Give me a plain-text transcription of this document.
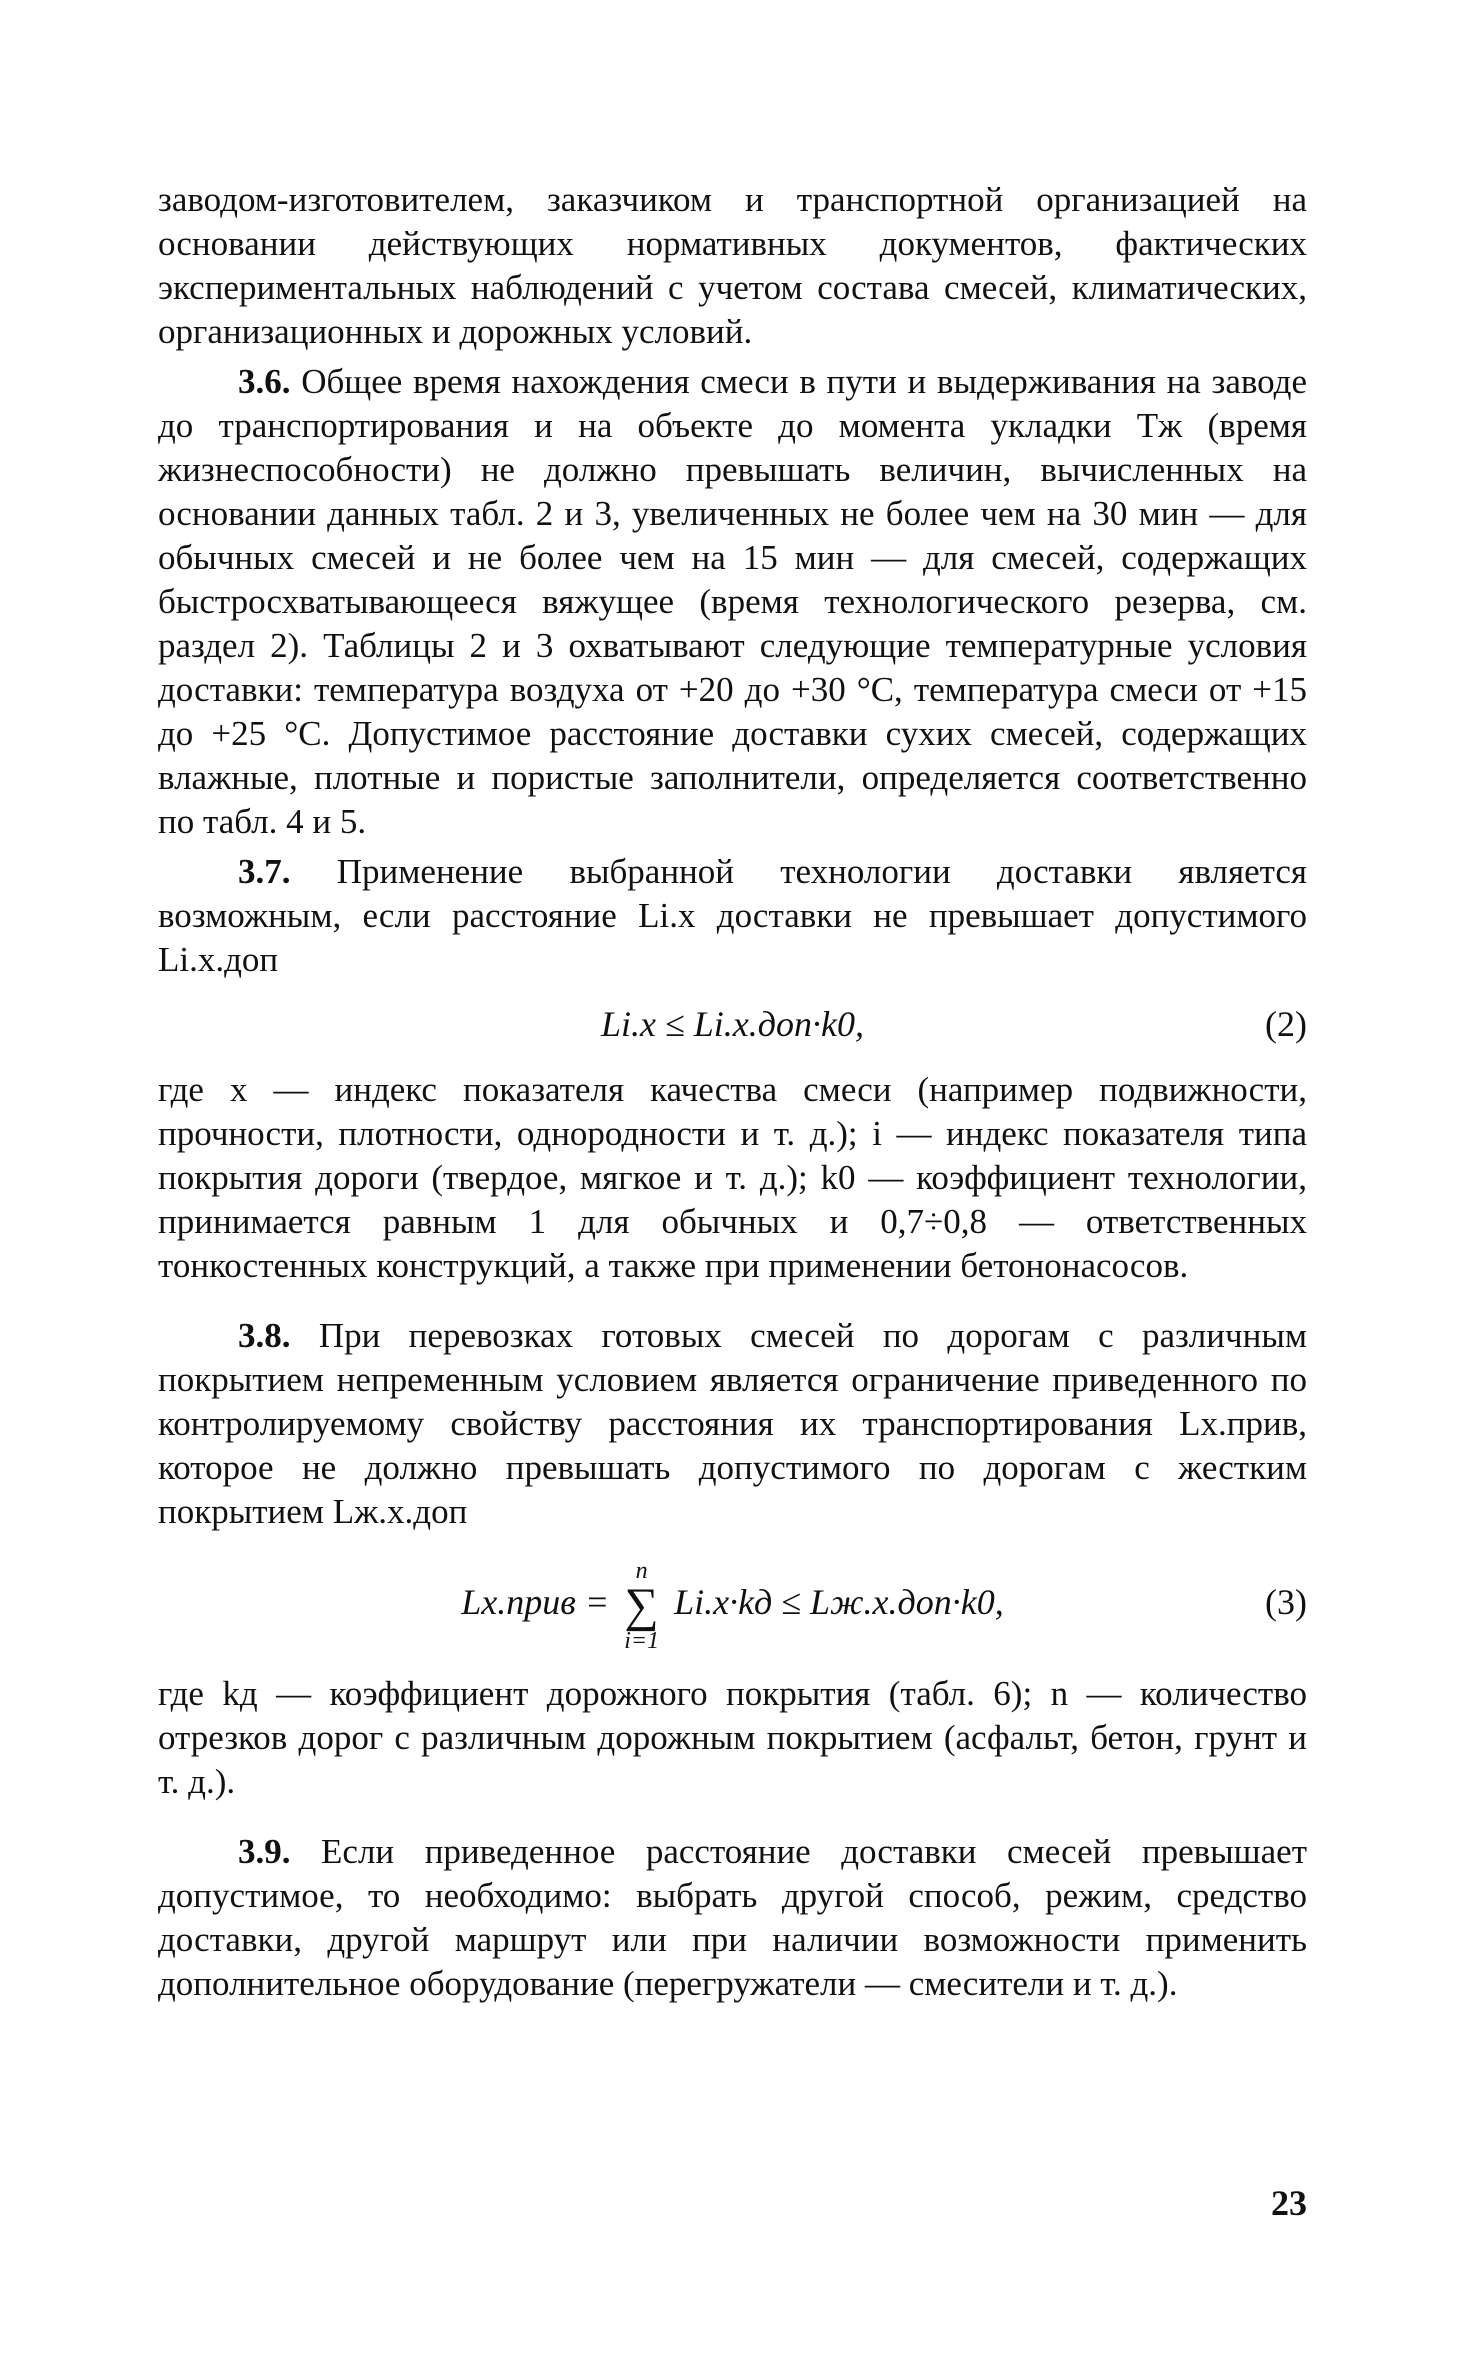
заводом-изготовителем, заказчиком и транспортной организацией на основании действующих нормативных документов, фактических экспериментальных наблюдений с учетом состава смесей, климатических, организационных и дорожных условий.

3.6. Общее время нахождения смеси в пути и выдерживания на заводе до транспортирования и на объекте до момента укладки Тж (время жизнеспособности) не должно превышать величин, вычисленных на основании данных табл. 2 и 3, увеличенных не более чем на 30 мин — для обычных смесей и не более чем на 15 мин — для смесей, содержащих быстросхватывающееся вяжущее (время технологического резерва, см. раздел 2). Таблицы 2 и 3 охватывают следующие температурные условия доставки: температура воздуха от +20 до +30 °С, температура смеси от +15 до +25 °С. Допустимое расстояние доставки сухих смесей, содержащих влажные, плотные и пористые заполнители, определяется соответственно по табл. 4 и 5.

3.7. Применение выбранной технологии доставки является возможным, если расстояние Li.x доставки не превышает допустимого Li.x.доп

Li.x ≤ Li.x.доп·k0,	(2)

где x — индекс показателя качества смеси (например подвижности, прочности, плотности, однородности и т. д.); i — индекс показателя типа покрытия дороги (твердое, мягкое и т. д.); k0 — коэффициент технологии, принимается равным 1 для обычных и 0,7÷0,8 — ответственных тонкостенных конструкций, а также при применении бетононасосов.

3.8. При перевозках готовых смесей по дорогам с различным покрытием непременным условием является ограничение приведенного по контролируемому свойству расстояния их транспортирования Lx.прив, которое не должно превышать допустимого по дорогам с жестким покрытием Lж.x.доп

Lx.прив =
n
∑
i=1
Li.x·kд ≤ Lж.x.доп·k0,	(3)

где kд — коэффициент дорожного покрытия (табл. 6); n — количество отрезков дорог с различным дорожным покрытием (асфальт, бетон, грунт и т. д.).

3.9. Если приведенное расстояние доставки смесей превышает допустимое, то необходимо: выбрать другой способ, режим, средство доставки, другой маршрут или при наличии возможности применить дополнительное оборудование (перегружатели — смесители и т. д.).

23
